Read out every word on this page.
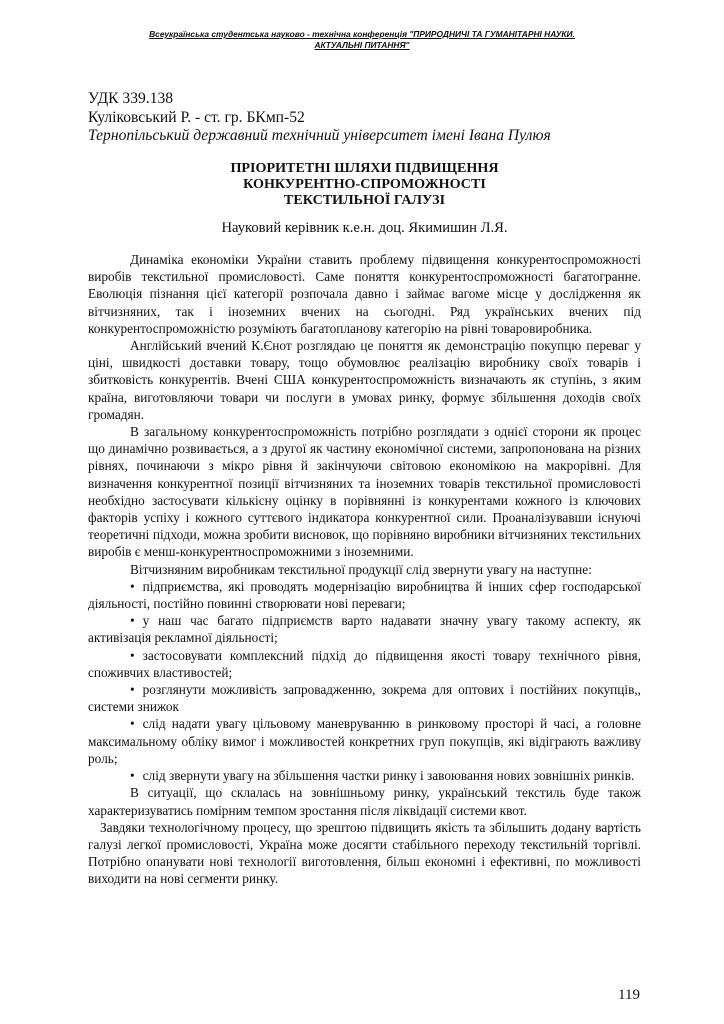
Всеукраїнська студентська науково - технічна конференція "ПРИРОДНИЧІ ТА ГУМАНІТАРНІ НАУКИ.
АКТУАЛЬНІ ПИТАННЯ"
УДК 339.138
Куліковський Р. - ст. гр. БКмп-52
Тернопільський державний технічний університет імені Івана Пулюя
ПРІОРИТЕТНІ ШЛЯХИ ПІДВИЩЕННЯ
КОНКУРЕНТНО-СПРОМОЖНОСТІ
ТЕКСТИЛЬНОЇ ГАЛУЗІ
Науковий керівник к.е.н. доц. Якимишин Л.Я.

Динаміка економіки України ставить проблему підвищення конкурентоспроможності виробів текстильної промисловості. Саме поняття конкурентоспроможності багатогранне. Еволюція пізнання цієї категорії розпочала давно і займає вагоме місце у дослідження як вітчизняних, так і іноземних вчених на сьогодні. Ряд українських вчених під конкурентоспроможністю розуміють багатопланову категорію на рівні товаровиробника.

Англійський вчений К.Єнот розглядаю це поняття як демонстрацію покупцю переваг у ціні, швидкості доставки товару, тощо обумовлює реалізацію виробнику своїх товарів і збитковість конкурентів. Вчені США конкурентоспроможність визначають як ступінь, з яким країна, виготовляючи товари чи послуги в умовах ринку, формує збільшення доходів своїх громадян.

В загальному конкурентоспроможність потрібно розглядати з однієї сторони як процес що динамічно розвивається, а з другої як частину економічної системи, запропонована на різних рівнях, починаючи з мікро рівня й закінчуючи світовою економікою на макрорівні. Для визначення конкурентної позиції вітчизняних та іноземних товарів текстильної промисловості необхідно застосувати кількісну оцінку в порівнянні із конкурентами кожного із ключових факторів успіху і кожного суттєвого індикатора конкурентної сили. Проаналізувавши існуючі теоретичні підходи, можна зробити висновок, що порівняно виробники вітчизняних текстильних виробів є менш-конкурентноспроможними з іноземними.

Вітчизняним виробникам текстильної продукції слід звернути увагу на наступне:

• підприємства, які проводять модернізацію виробництва й інших сфер господарської діяльності, постійно повинні створювати нові переваги;

• у наш час багато підприємств варто надавати значну увагу такому аспекту, як активізація рекламної діяльності;

• застосовувати комплексний підхід до підвищення якості товару технічного рівня, споживчих властивостей;

• розглянути можливість запровадженню, зокрема для оптових і постійних покупців,, системи знижок

• слід надати увагу цільовому маневруванню в ринковому просторі й часі, а головне максимальному обліку вимог і можливостей конкретних груп покупців, які відіграють важливу роль;

• слід звернути увагу на збільшення частки ринку і завоювання нових зовнішніх ринків.

В ситуації, що склалась на зовнішньому ринку, український текстиль буде також характеризуватись помірним темпом зростання після ліквідації системи квот.

Завдяки технологічному процесу, що зрештою підвищить якість та збільшить додану вартість галузі легкої промисловості, Україна може досягти стабільного переходу текстильній торгівлі. Потрібно опанувати нові технології виготовлення, більш економні і ефективні, по можливості виходити на нові сегменти ринку.

119
